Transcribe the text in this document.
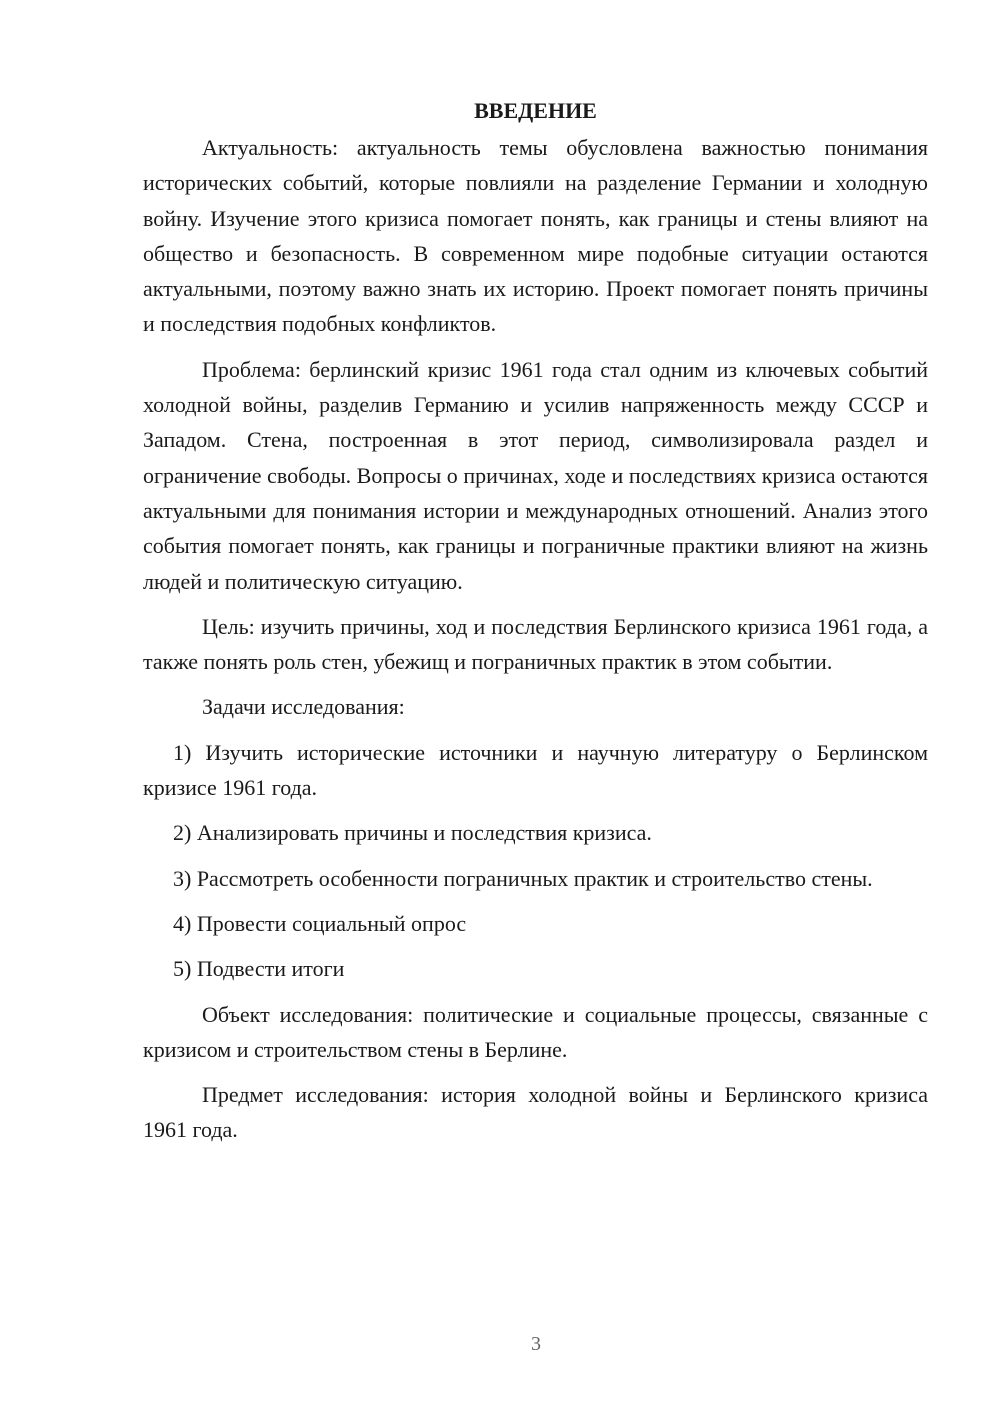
ВВЕДЕНИЕ

Актуальность: актуальность темы обусловлена важностью понимания исторических событий, которые повлияли на разделение Германии и холодную войну. Изучение этого кризиса помогает понять, как границы и стены влияют на общество и безопасность. В современном мире подобные ситуации остаются актуальными, поэтому важно знать их историю. Проект помогает понять причины и последствия подобных конфликтов.

Проблема: берлинский кризис 1961 года стал одним из ключевых событий холодной войны, разделив Германию и усилив напряженность между СССР и Западом. Стена, построенная в этот период, символизировала раздел и ограничение свободы. Вопросы о причинах, ходе и последствиях кризиса остаются актуальными для понимания истории и международных отношений. Анализ этого события помогает понять, как границы и пограничные практики влияют на жизнь людей и политическую ситуацию.

Цель: изучить причины, ход и последствия Берлинского кризиса 1961 года, а также понять роль стен, убежищ и пограничных практик в этом событии.

Задачи исследования:

1) Изучить исторические источники и научную литературу о Берлинском кризисе 1961 года.

2) Анализировать причины и последствия кризиса.

3) Рассмотреть особенности пограничных практик и строительство стены.

4) Провести социальный опрос

5) Подвести итоги

Объект исследования: политические и социальные процессы, связанные с кризисом и строительством стены в Берлине.

Предмет исследования: история холодной войны и Берлинского кризиса 1961 года.

3
